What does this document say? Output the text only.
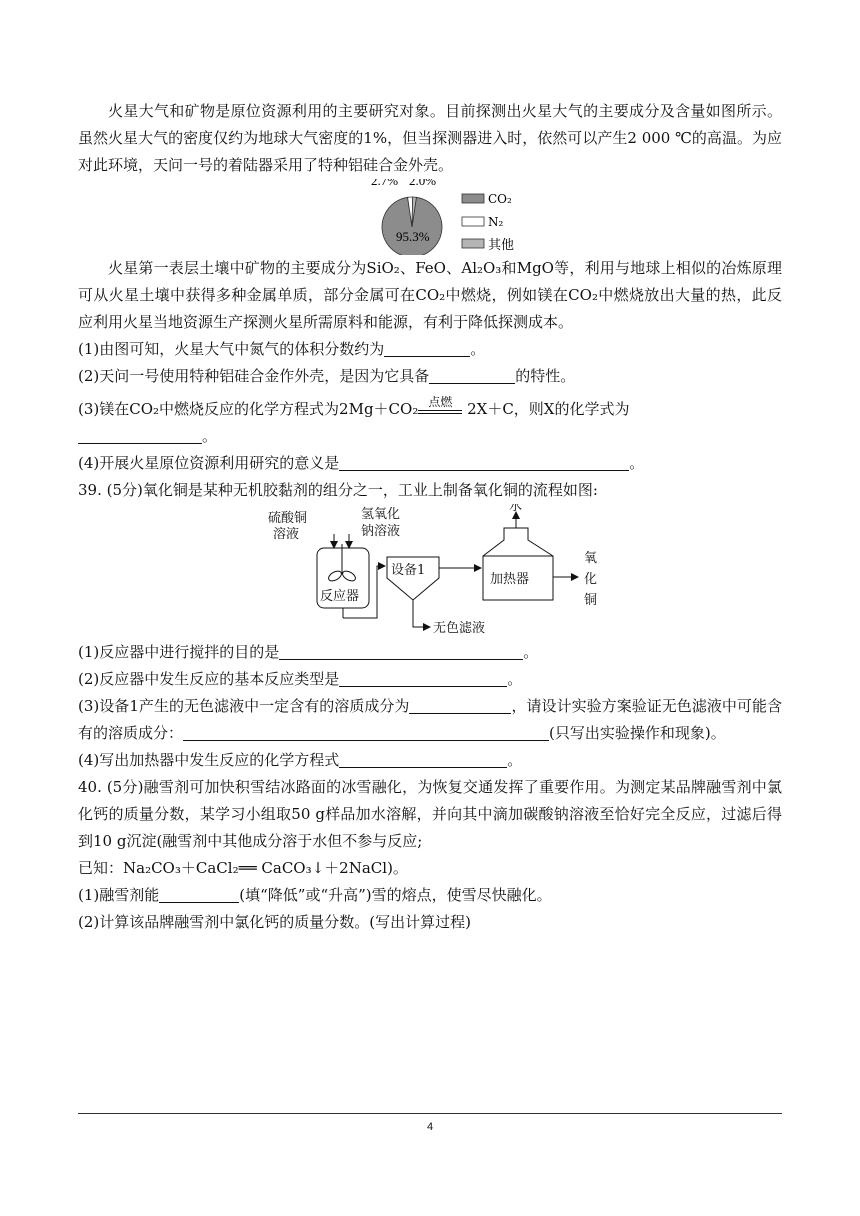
火星大气和矿物是原位资源利用的主要研究对象。目前探测出火星大气的主要成分及含量如图所示。虽然火星大气的密度仅约为地球大气密度的1%，但当探测器进入时，依然可以产生2 000 ℃的高温。为应对此环境，天问一号的着陆器采用了特种铝硅合金外壳。

2.7% 2.0%
95.3%
CO₂
N₂
其他

火星第一表层土壤中矿物的主要成分为SiO₂、FeO、Al₂O₃和MgO等，利用与地球上相似的冶炼原理可从火星土壤中获得多种金属单质，部分金属可在CO₂中燃烧，例如镁在CO₂中燃烧放出大量的热，此反应利用火星当地资源生产探测火星所需原料和能源，有利于降低探测成本。

(1)由图可知，火星大气中氮气的体积分数约为	。

(2)天问一号使用特种铝硅合金作外壳，是因为它具备	的特性。

(3)镁在CO₂中燃烧反应的化学方程式为2Mg＋CO₂ 点燃 2X＋C，则X的化学式为

。

(4)开展火星原位资源利用研究的意义是	。

39. (5分)氧化铜是某种无机胶黏剂的组分之一，工业上制备氧化铜的流程如图:

硫酸铜
溶液
氢氧化
钠溶液
反应器
设备1
无色滤液
加热器
水
氧
化
铜

(1)反应器中进行搅拌的目的是	。

(2)反应器中发生反应的基本反应类型是	。

(3)设备1产生的无色滤液中一定含有的溶质成分为	，请设计实验方案验证无色滤液中可能含有的溶质成分：	(只写出实验操作和现象)。

(4)写出加热器中发生反应的化学方程式	。

40. (5分)融雪剂可加快积雪结冰路面的冰雪融化，为恢复交通发挥了重要作用。为测定某品牌融雪剂中氯化钙的质量分数，某学习小组取50 g样品加水溶解，并向其中滴加碳酸钠溶液至恰好完全反应，过滤后得到10 g沉淀(融雪剂中其他成分溶于水但不参与反应;

已知：Na₂CO₃＋CaCl₂══ CaCO₃↓＋2NaCl)。

(1)融雪剂能	(填“降低”或“升高”)雪的熔点，使雪尽快融化。

(2)计算该品牌融雪剂中氯化钙的质量分数。(写出计算过程)

4
